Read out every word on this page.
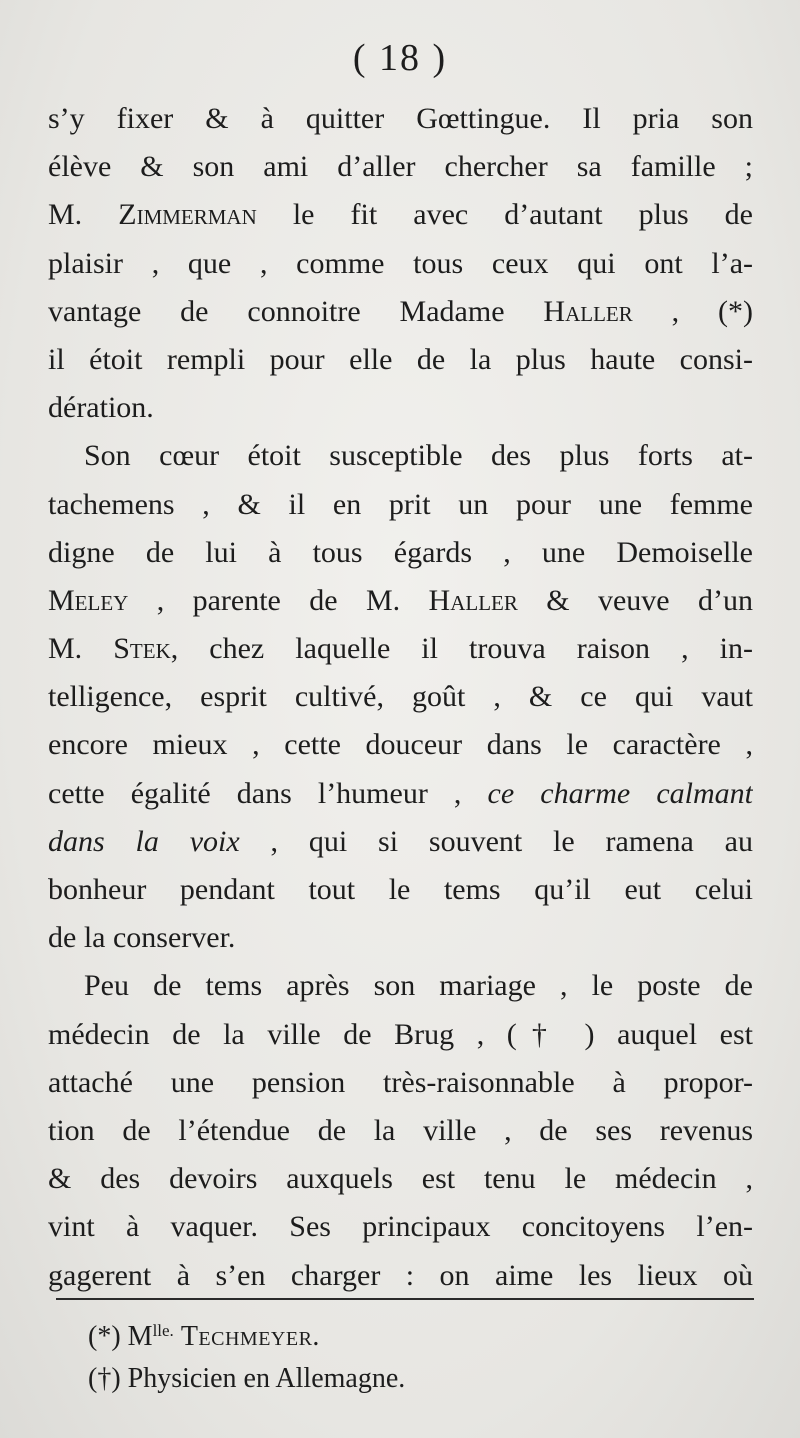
( 18 )
s’y fixer & à quitter Gœttingue. Il pria son
élève & son ami d’aller chercher sa famille ;
M. Zimmerman le fit avec d’autant plus de
plaisir , que , comme tous ceux qui ont l’a-
vantage de connoitre Madame Haller , (*)
il étoit rempli pour elle de la plus haute consi-
dération.
Son cœur étoit susceptible des plus forts at-
tachemens , & il en prit un pour une femme
digne de lui à tous égards , une Demoiselle
Meley , parente de M. Haller & veuve d’un
M. Stek, chez laquelle il trouva raison , in-
telligence, esprit cultivé, goût , & ce qui vaut
encore mieux , cette douceur dans le caractère ,
cette égalité dans l’humeur , ce charme calmant
dans la voix , qui si souvent le ramena au
bonheur pendant tout le tems qu’il eut celui
de la conserver.
Peu de tems après son mariage , le poste de
médecin de la ville de Brug , († ) auquel est
attaché une pension très-raisonnable à propor-
tion de l’étendue de la ville , de ses revenus
& des devoirs auxquels est tenu le médecin ,
vint à vaquer. Ses principaux concitoyens l’en-
gagerent à s’en charger : on aime les lieux où
(*) $M^{lle.}$ Techmeyer.
(†) Physicien en Allemagne.
